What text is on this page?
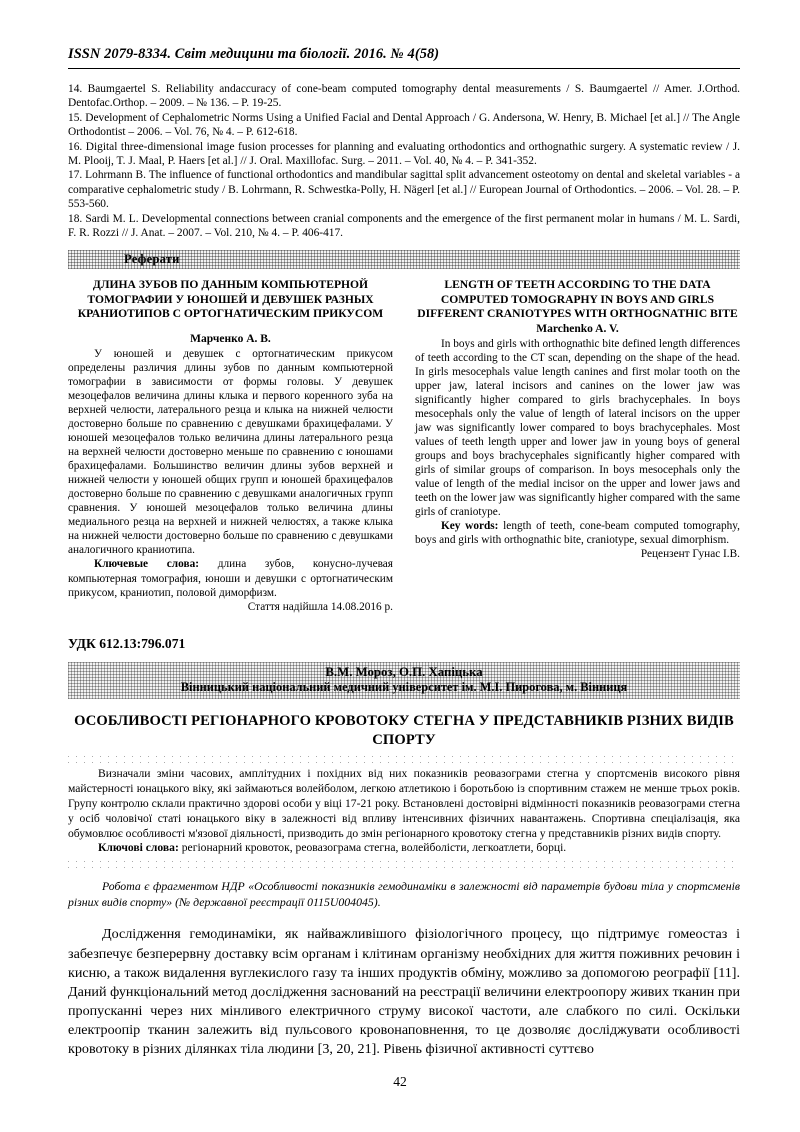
ISSN 2079-8334. Світ медицини та біології. 2016. № 4(58)

14. Baumgaertel S. Reliability andaccuracy of cone-beam computed tomography dental measurements / S. Baumgaertel // Amer. J.Orthod. Dentofac.Orthop. – 2009. – № 136. – P. 19-25.

15. Development of Cephalometric Norms Using a Unified Facial and Dental Approach / G. Andersona, W. Henry, B. Michael [et al.] // The Angle Orthodontist – 2006. – Vol. 76, № 4. – P. 612-618.

16. Digital three-dimensional image fusion processes for planning and evaluating orthodontics and orthognathic surgery. A systematic review / J. M. Plooij, T. J. Maal, P. Haers [et al.] // J. Oral. Maxillofac. Surg. – 2011. – Vol. 40, № 4. – P. 341-352.

17. Lohrmann B. The influence of functional orthodontics and mandibular sagittal split advancement osteotomy on dental and skeletal variables - a comparative cephalometric study / B. Lohrmann, R. Schwestka-Polly, H. Nägerl [et al.] // European Journal of Orthodontics. – 2006. – Vol. 28. – P. 553-560.

18. Sardi M. L. Developmental connections between cranial components and the emergence of the first permanent molar in humans / M. L. Sardi, F. R. Rozzi // J. Anat. – 2007. – Vol. 210, № 4. – P. 406-417.

Реферати

ДЛИНА ЗУБОВ ПО ДАННЫМ КОМПЬЮТЕРНОЙ ТОМОГРАФИИ У ЮНОШЕЙ И ДЕВУШЕК РАЗНЫХ КРАНИОТИПОВ С ОРТОГНАТИЧЕСКИМ ПРИКУСОМ

Марченко А. В.

У юношей и девушек с ортогнатическим прикусом определены различия длины зубов по данным компьютерной томографии в зависимости от формы головы. У девушек мезоцефалов величина длины клыка и первого коренного зуба на верхней челюсти, латерального резца и клыка на нижней челюсти достоверно больше по сравнению с девушками брахицефалами. У юношей мезоцефалов только величина длины латерального резца на верхней челюсти достоверно меньше по сравнению с юношами брахицефалами. Большинство величин длины зубов верхней и нижней челюсти у юношей общих групп и юношей брахицефалов достоверно больше по сравнению с девушками аналогичных групп сравнения. У юношей мезоцефалов только величина длины медиального резца на верхней и нижней челюстях, а также клыка на нижней челюсти достоверно больше по сравнению с девушками аналогичного краниотипа.

Ключевые слова: длина зубов, конусно-лучевая компьютерная томография, юноши и девушки с ортогнатическим прикусом, краниотип, половой диморфизм.

Стаття надійшла 14.08.2016 р.

LENGTH OF TEETH ACCORDING TO THE DATA COMPUTED TOMOGRAPHY IN BOYS AND GIRLS DIFFERENT CRANIOTYPES WITH ORTHOGNATHIC BITE

Marchenko A. V.

In boys and girls with orthognathic bite defined length differences of teeth according to the CT scan, depending on the shape of the head. In girls mesocephals value length canines and first molar tooth on the upper jaw, lateral incisors and canines on the lower jaw was significantly higher compared to girls brachycephales. In boys mesocephals only the value of length of lateral incisors on the upper jaw was significantly lower compared to boys brachycephales. Most values of teeth length upper and lower jaw in young boys of general groups and boys brachycephales significantly higher compared with girls of similar groups of comparison. In boys mesocephals only the value of length of the medial incisor on the upper and lower jaws and teeth on the lower jaw was significantly higher compared with the same girls of craniotype.

Key words: length of teeth, cone-beam computed tomography, boys and girls with orthognathic bite, craniotype, sexual dimorphism.

Рецензент Гунас І.В.

УДК 612.13:796.071
В.М. Мороз, О.П. Хапіцька
Вінницький національний медичний університет ім. М.І. Пирогова, м. Вінниця
ОСОБЛИВОСТІ РЕГІОНАРНОГО КРОВОТОКУ СТЕГНА У ПРЕДСТАВНИКІВ РІЗНИХ ВИДІВ СПОРТУ

Визначали зміни часових, амплітудних і похідних від них показників реовазограми стегна у спортсменів високого рівня майстерності юнацького віку, які займаються волейболом, легкою атлетикою і боротьбою із спортивним стажем не менше трьох років. Групу контролю склали практично здорові особи у віці 17-21 року. Встановлені достовірні відмінності показників реовазограми стегна у осіб чоловічої статі юнацького віку в залежності від впливу інтенсивних фізичних навантажень. Спортивна спеціалізація, яка обумовлює особливості м'язової діяльності, призводить до змін регіонарного кровотоку стегна у представників різних видів спорту.

Ключові слова: регіонарний кровоток, реовазограма стегна, волейболісти, легкоатлети, борці.

Робота є фрагментом НДР «Особливості показників гемодинаміки в залежності від параметрів будови тіла у спортсменів різних видів спорту» (№ державної реєстрації 0115U004045).

Дослідження гемодинаміки, як найважливішого фізіологічного процесу, що підтримує гомеостаз і забезпечує безперервну доставку всім органам і клітинам організму необхідних для життя поживних речовин і кисню, а також видалення вуглекислого газу та інших продуктів обміну, можливо за допомогою реографії [11]. Даний функціональний метод дослідження заснований на реєстрації величини електроопору живих тканин при пропусканні через них мінливого електричного струму високої частоти, але слабкого по силі. Оскільки електроопір тканин залежить від пульсового кровонаповнення, то це дозволяє досліджувати особливості кровотоку в різних ділянках тіла людини [3, 20, 21]. Рівень фізичної активності суттєво

42
